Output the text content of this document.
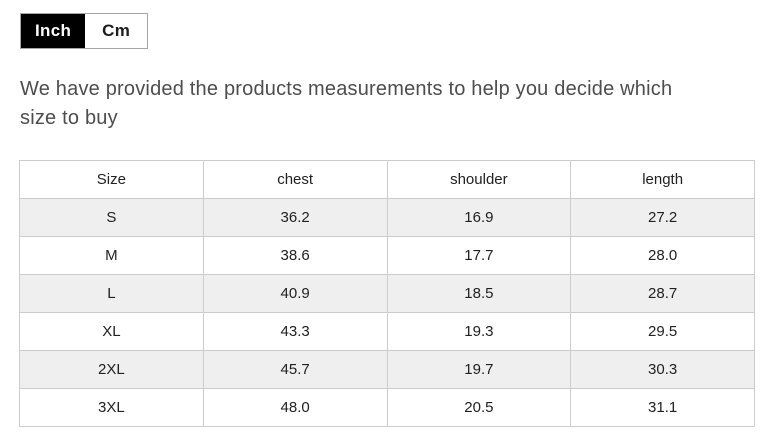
Inch	Cm

We have provided the products measurements to help you decide which size to buy

Size	chest	shoulder	length
S	36.2	16.9	27.2
M	38.6	17.7	28.0
L	40.9	18.5	28.7
XL	43.3	19.3	29.5
2XL	45.7	19.7	30.3
3XL	48.0	20.5	31.1
